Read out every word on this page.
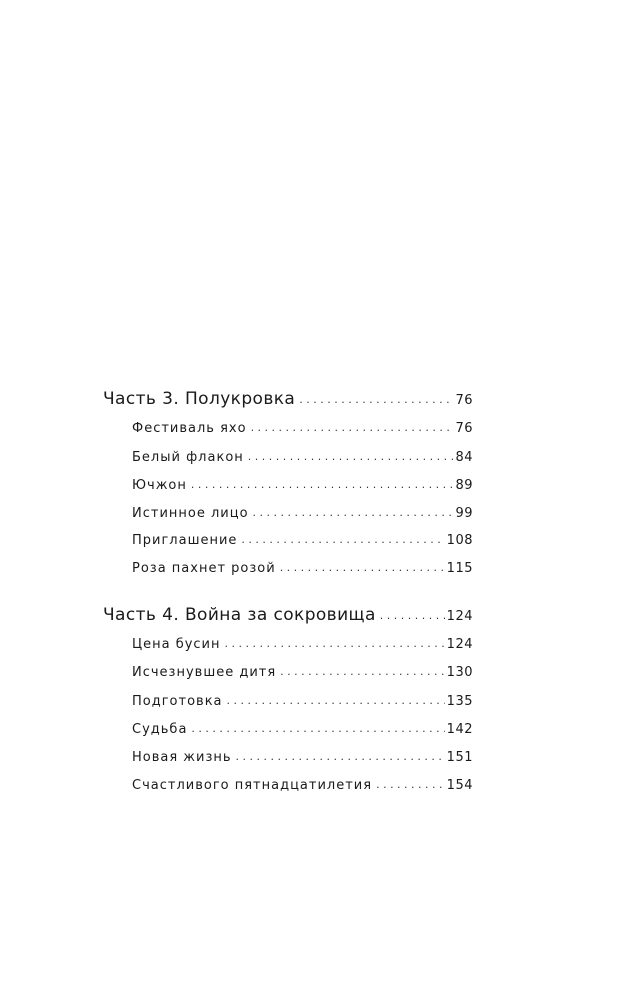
Часть 3. Полукровка . . .	76
Фестиваль яхо . . .	76
Белый флакон . . .	84
Ючжон . . .	89
Истинное лицо . . .	99
Приглашение . . .	108
Роза пахнет розой . . .	115
Часть 4. Война за сокровища . . .	124
Цена бусин . . .	124
Исчезнувшее дитя . . .	130
Подготовка . . .	135
Судьба . . .	142
Новая жизнь . . .	151
Счастливого пятнадцатилетия . . .	154
